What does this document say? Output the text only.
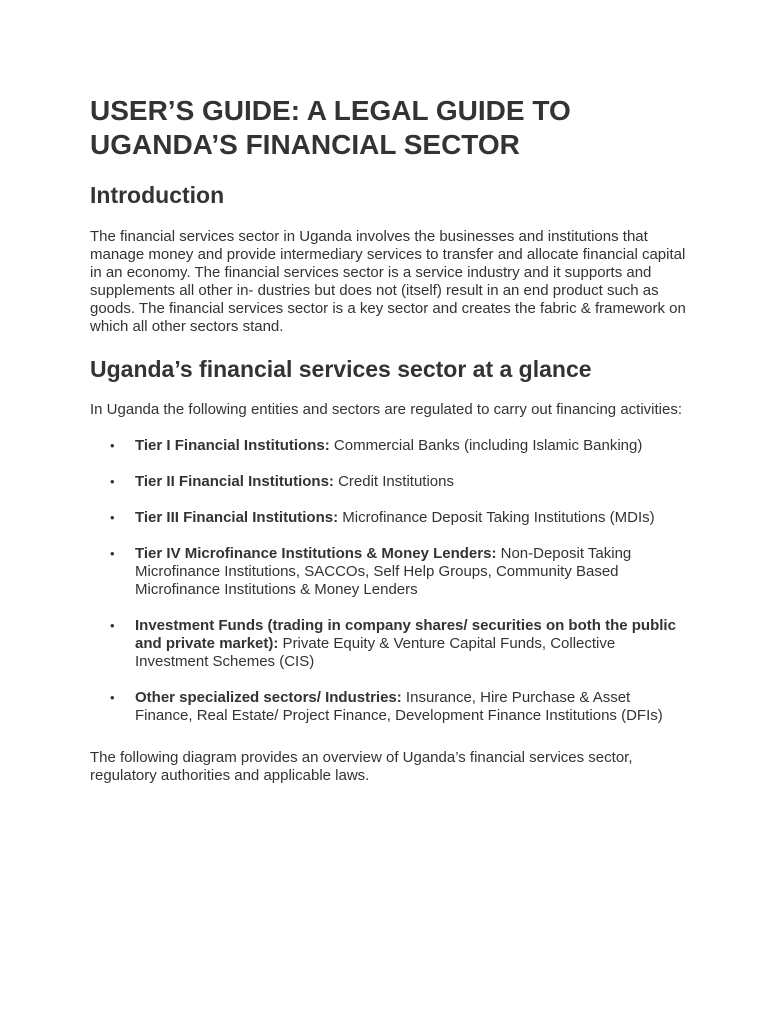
USER’S GUIDE: A LEGAL GUIDE TO UGANDA’S FINANCIAL SECTOR
Introduction

The financial services sector in Uganda involves the businesses and institutions that manage money and provide intermediary services to transfer and allocate financial capital in an economy. The financial services sector is a service industry and it supports and supplements all other in- dustries but does not (itself) result in an end product such as goods. The financial services sector is a key sector and creates the fabric & framework on which all other sectors stand.

Uganda’s financial services sector at a glance

In Uganda the following entities and sectors are regulated to carry out financing activities:

• Tier I Financial Institutions: Commercial Banks (including Islamic Banking)
• Tier II Financial Institutions: Credit Institutions
• Tier III Financial Institutions: Microfinance Deposit Taking Institutions (MDIs)
• Tier IV Microfinance Institutions & Money Lenders: Non-Deposit Taking Microfinance Institutions, SACCOs, Self Help Groups, Community Based Microfinance Institutions & Money Lenders
• Investment Funds (trading in company shares/ securities on both the public and private market): Private Equity & Venture Capital Funds, Collective Investment Schemes (CIS)
• Other specialized sectors/ Industries: Insurance, Hire Purchase & Asset Finance, Real Estate/ Project Finance, Development Finance Institutions (DFIs)

The following diagram provides an overview of Uganda’s financial services sector, regulatory authorities and applicable laws.
